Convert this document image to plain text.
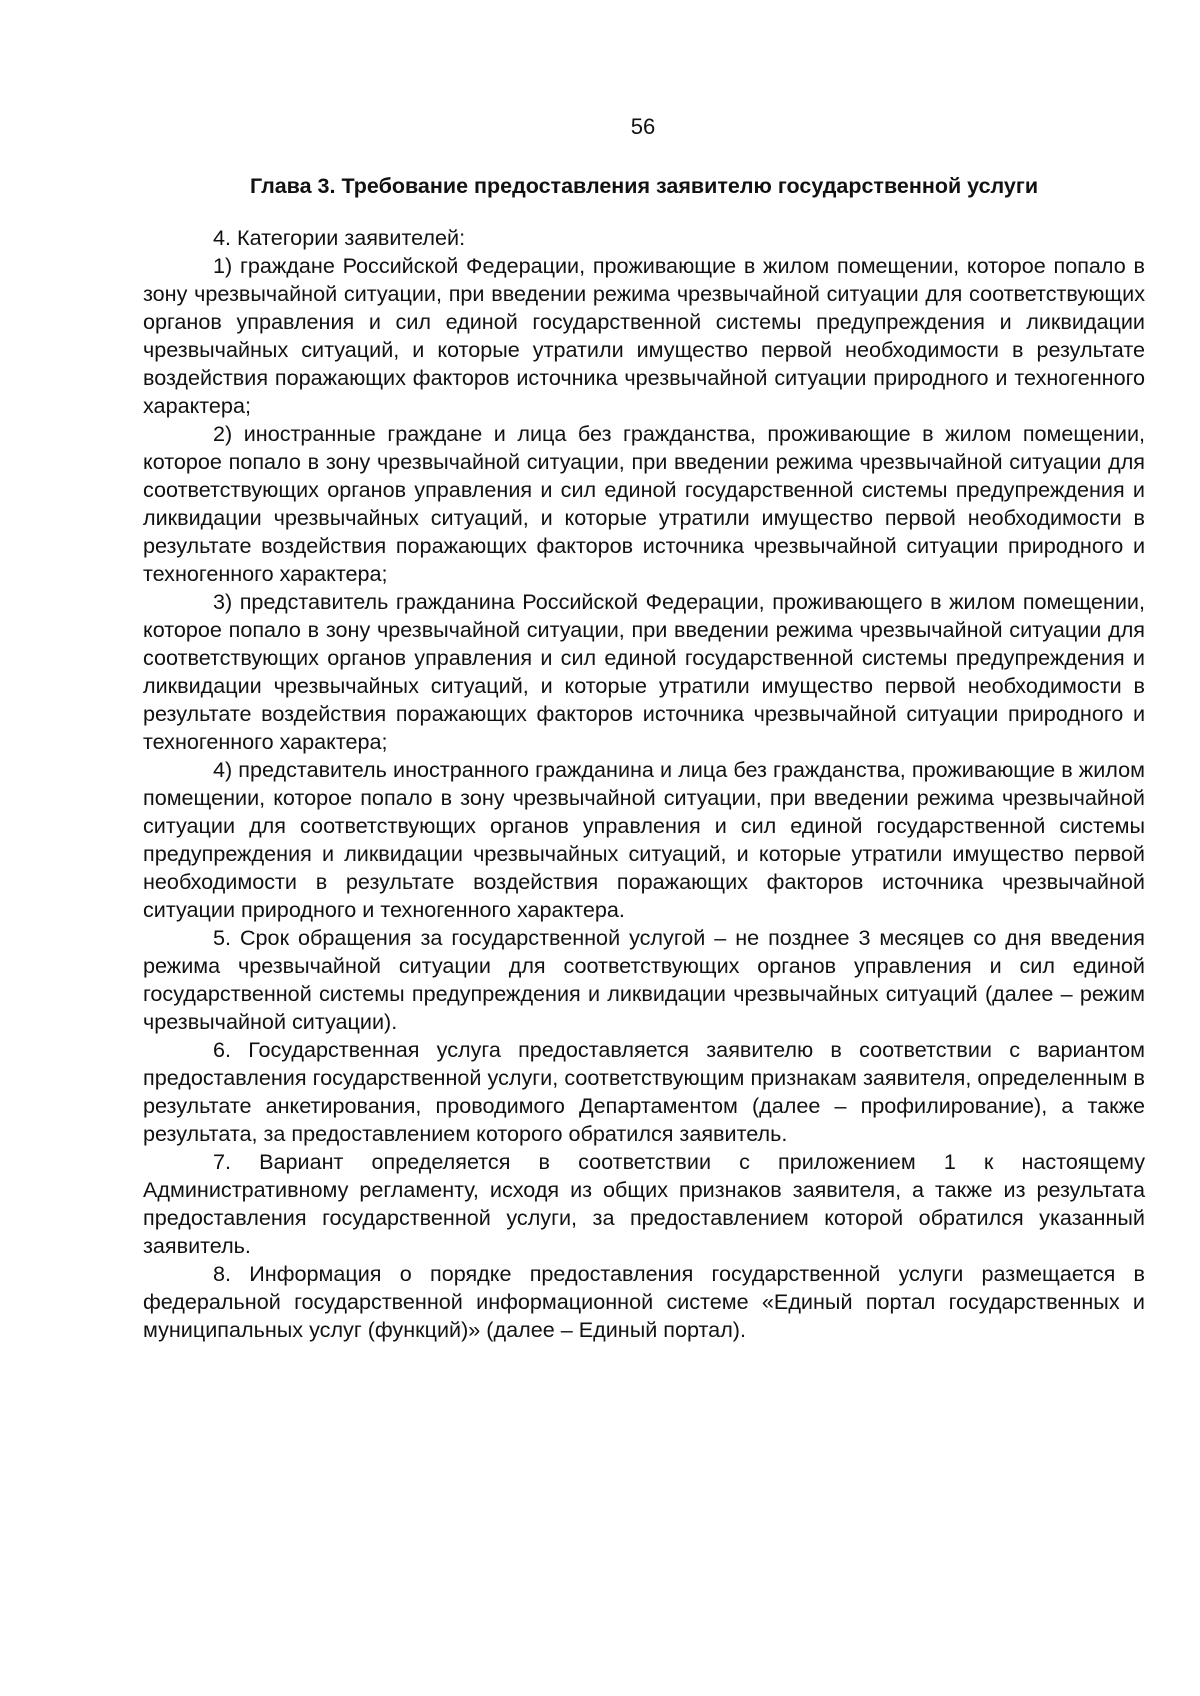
56
Глава 3. Требование предоставления заявителю государственной услуги

4. Категории заявителей:

1) граждане Российской Федерации, проживающие в жилом помещении, которое попало в зону чрезвычайной ситуации, при введении режима чрезвычайной ситуации для соответствующих органов управления и сил единой государственной системы предупреждения и ликвидации чрезвычайных ситуаций, и которые утратили имущество первой необходимости в результате воздействия поражающих факторов источника чрезвычайной ситуации природного и техногенного характера;

2) иностранные граждане и лица без гражданства, проживающие в жилом помещении, которое попало в зону чрезвычайной ситуации, при введении режима чрезвычайной ситуации для соответствующих органов управления и сил единой государственной системы предупреждения и ликвидации чрезвычайных ситуаций, и которые утратили имущество первой необходимости в результате воздействия поражающих факторов источника чрезвычайной ситуации природного и техногенного характера;

3) представитель гражданина Российской Федерации, проживающего в жилом помещении, которое попало в зону чрезвычайной ситуации, при введении режима чрезвычайной ситуации для соответствующих органов управления и сил единой государственной системы предупреждения и ликвидации чрезвычайных ситуаций, и которые утратили имущество первой необходимости в результате воздействия поражающих факторов источника чрезвычайной ситуации природного и техногенного характера;

4) представитель иностранного гражданина и лица без гражданства, проживающие в жилом помещении, которое попало в зону чрезвычайной ситуации, при введении режима чрезвычайной ситуации для соответствующих органов управления и сил единой государственной системы предупреждения и ликвидации чрезвычайных ситуаций, и которые утратили имущество первой необходимости в результате воздействия поражающих факторов источника чрезвычайной ситуации природного и техногенного характера.

5. Срок обращения за государственной услугой – не позднее 3 месяцев со дня введения режима чрезвычайной ситуации для соответствующих органов управления и сил единой государственной системы предупреждения и ликвидации чрезвычайных ситуаций (далее – режим чрезвычайной ситуации).

6. Государственная услуга предоставляется заявителю в соответствии с вариантом предоставления государственной услуги, соответствующим признакам заявителя, определенным в результате анкетирования, проводимого Департаментом (далее – профилирование), а также результата, за предоставлением которого обратился заявитель.

7. Вариант определяется в соответствии с приложением 1 к настоящему Административному регламенту, исходя из общих признаков заявителя, а также из результата предоставления государственной услуги, за предоставлением которой обратился указанный заявитель.

8. Информация о порядке предоставления государственной услуги размещается в федеральной государственной информационной системе «Единый портал государственных и муниципальных услуг (функций)» (далее – Единый портал).
